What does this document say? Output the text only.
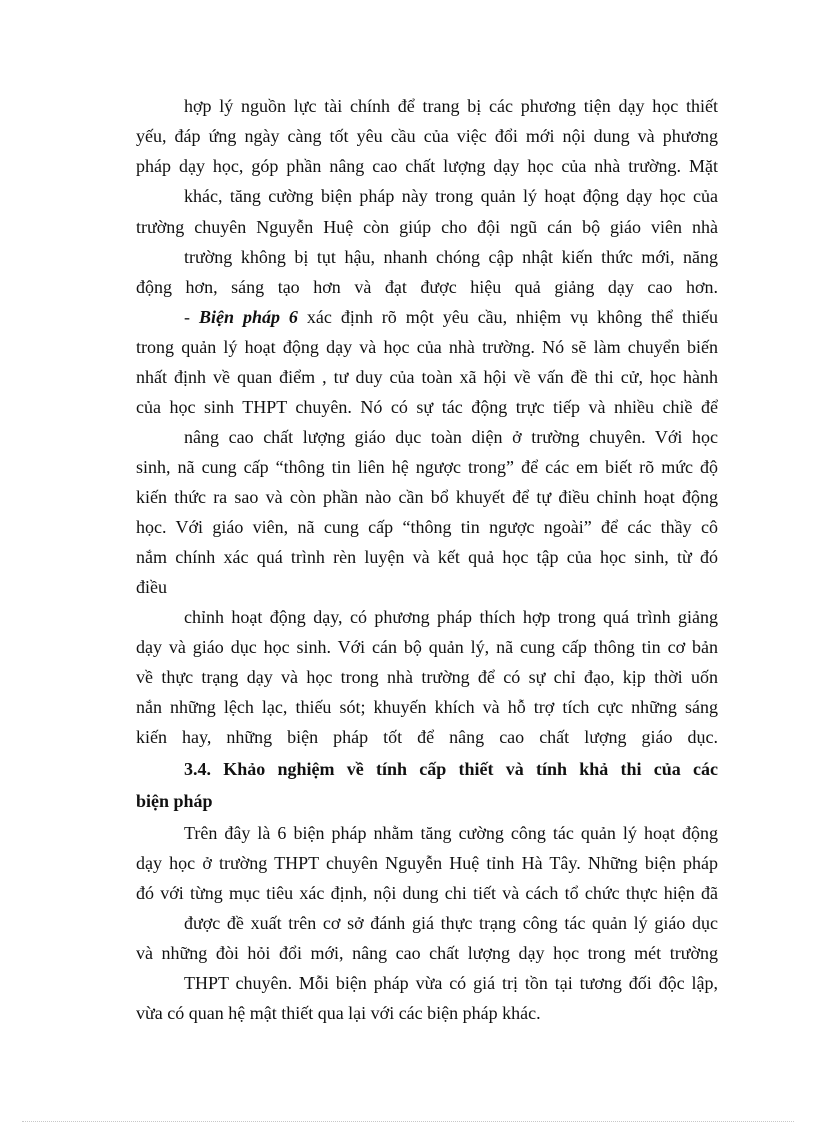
hợp lý nguồn lực tài chính để trang bị các phương tiện dạy học thiết
yếu, đáp ứng ngày càng tốt yêu cầu của việc đổi mới nội dung và phương
pháp dạy học, góp phần nâng cao chất lượng dạy học của nhà trường. Mặt
khác, tăng cường biện pháp này trong quản lý hoạt động dạy học của
trường chuyên Nguyễn Huệ còn giúp cho đội ngũ cán bộ giáo viên nhà
trường không bị tụt hậu, nhanh chóng cập nhật kiến thức mới, năng
động hơn, sáng tạo hơn và đạt được hiệu quả giảng dạy cao hơn.
- Biện pháp 6 xác định rõ một yêu cầu, nhiệm vụ không thể thiếu
trong quản lý hoạt động dạy và học của nhà trường. Nó sẽ làm chuyển biến
nhất định về quan điểm , tư duy của toàn xã hội về vấn đề thi cử, học hành
của học sinh THPT chuyên. Nó có sự tác động trực tiếp và nhiều chiề để
nâng cao chất lượng giáo dục toàn diện ở trường chuyên. Với học
sinh, nã cung cấp “thông tin liên hệ ngược trong” để các em biết rõ mức độ
kiến thức ra sao và còn phần nào cần bổ khuyết để tự điều chỉnh hoạt động
học. Với giáo viên, nã cung cấp “thông tin ngược ngoài” để các thầy cô
nắm chính xác quá trình rèn luyện và kết quả học tập của học sinh, từ đó
điều
chỉnh hoạt động dạy, có phương pháp thích hợp trong quá trình giảng
dạy và giáo dục học sinh. Với cán bộ quản lý, nã cung cấp thông tin cơ bản
về thực trạng dạy và học trong nhà trường để có sự chỉ đạo, kịp thời uốn
nắn những lệch lạc, thiếu sót; khuyến khích và hỗ trợ tích cực những sáng
kiến hay, những biện pháp tốt để nâng cao chất lượng giáo dục.
3.4. Khảo nghiệm về tính cấp thiết và tính khả thi của các
biện pháp
Trên đây là 6 biện pháp nhằm tăng cường công tác quản lý hoạt động
dạy học ở trường THPT chuyên Nguyễn Huệ tỉnh Hà Tây. Những biện pháp
đó với từng mục tiêu xác định, nội dung chi tiết và cách tổ chức thực hiện đã
được đề xuất trên cơ sở đánh giá thực trạng công tác quản lý giáo dục
và những đòi hỏi đổi mới, nâng cao chất lượng dạy học trong mét trường
THPT chuyên. Mỗi biện pháp vừa có giá trị tồn tại tương đối độc lập,
vừa có quan hệ mật thiết qua lại với các biện pháp khác.
